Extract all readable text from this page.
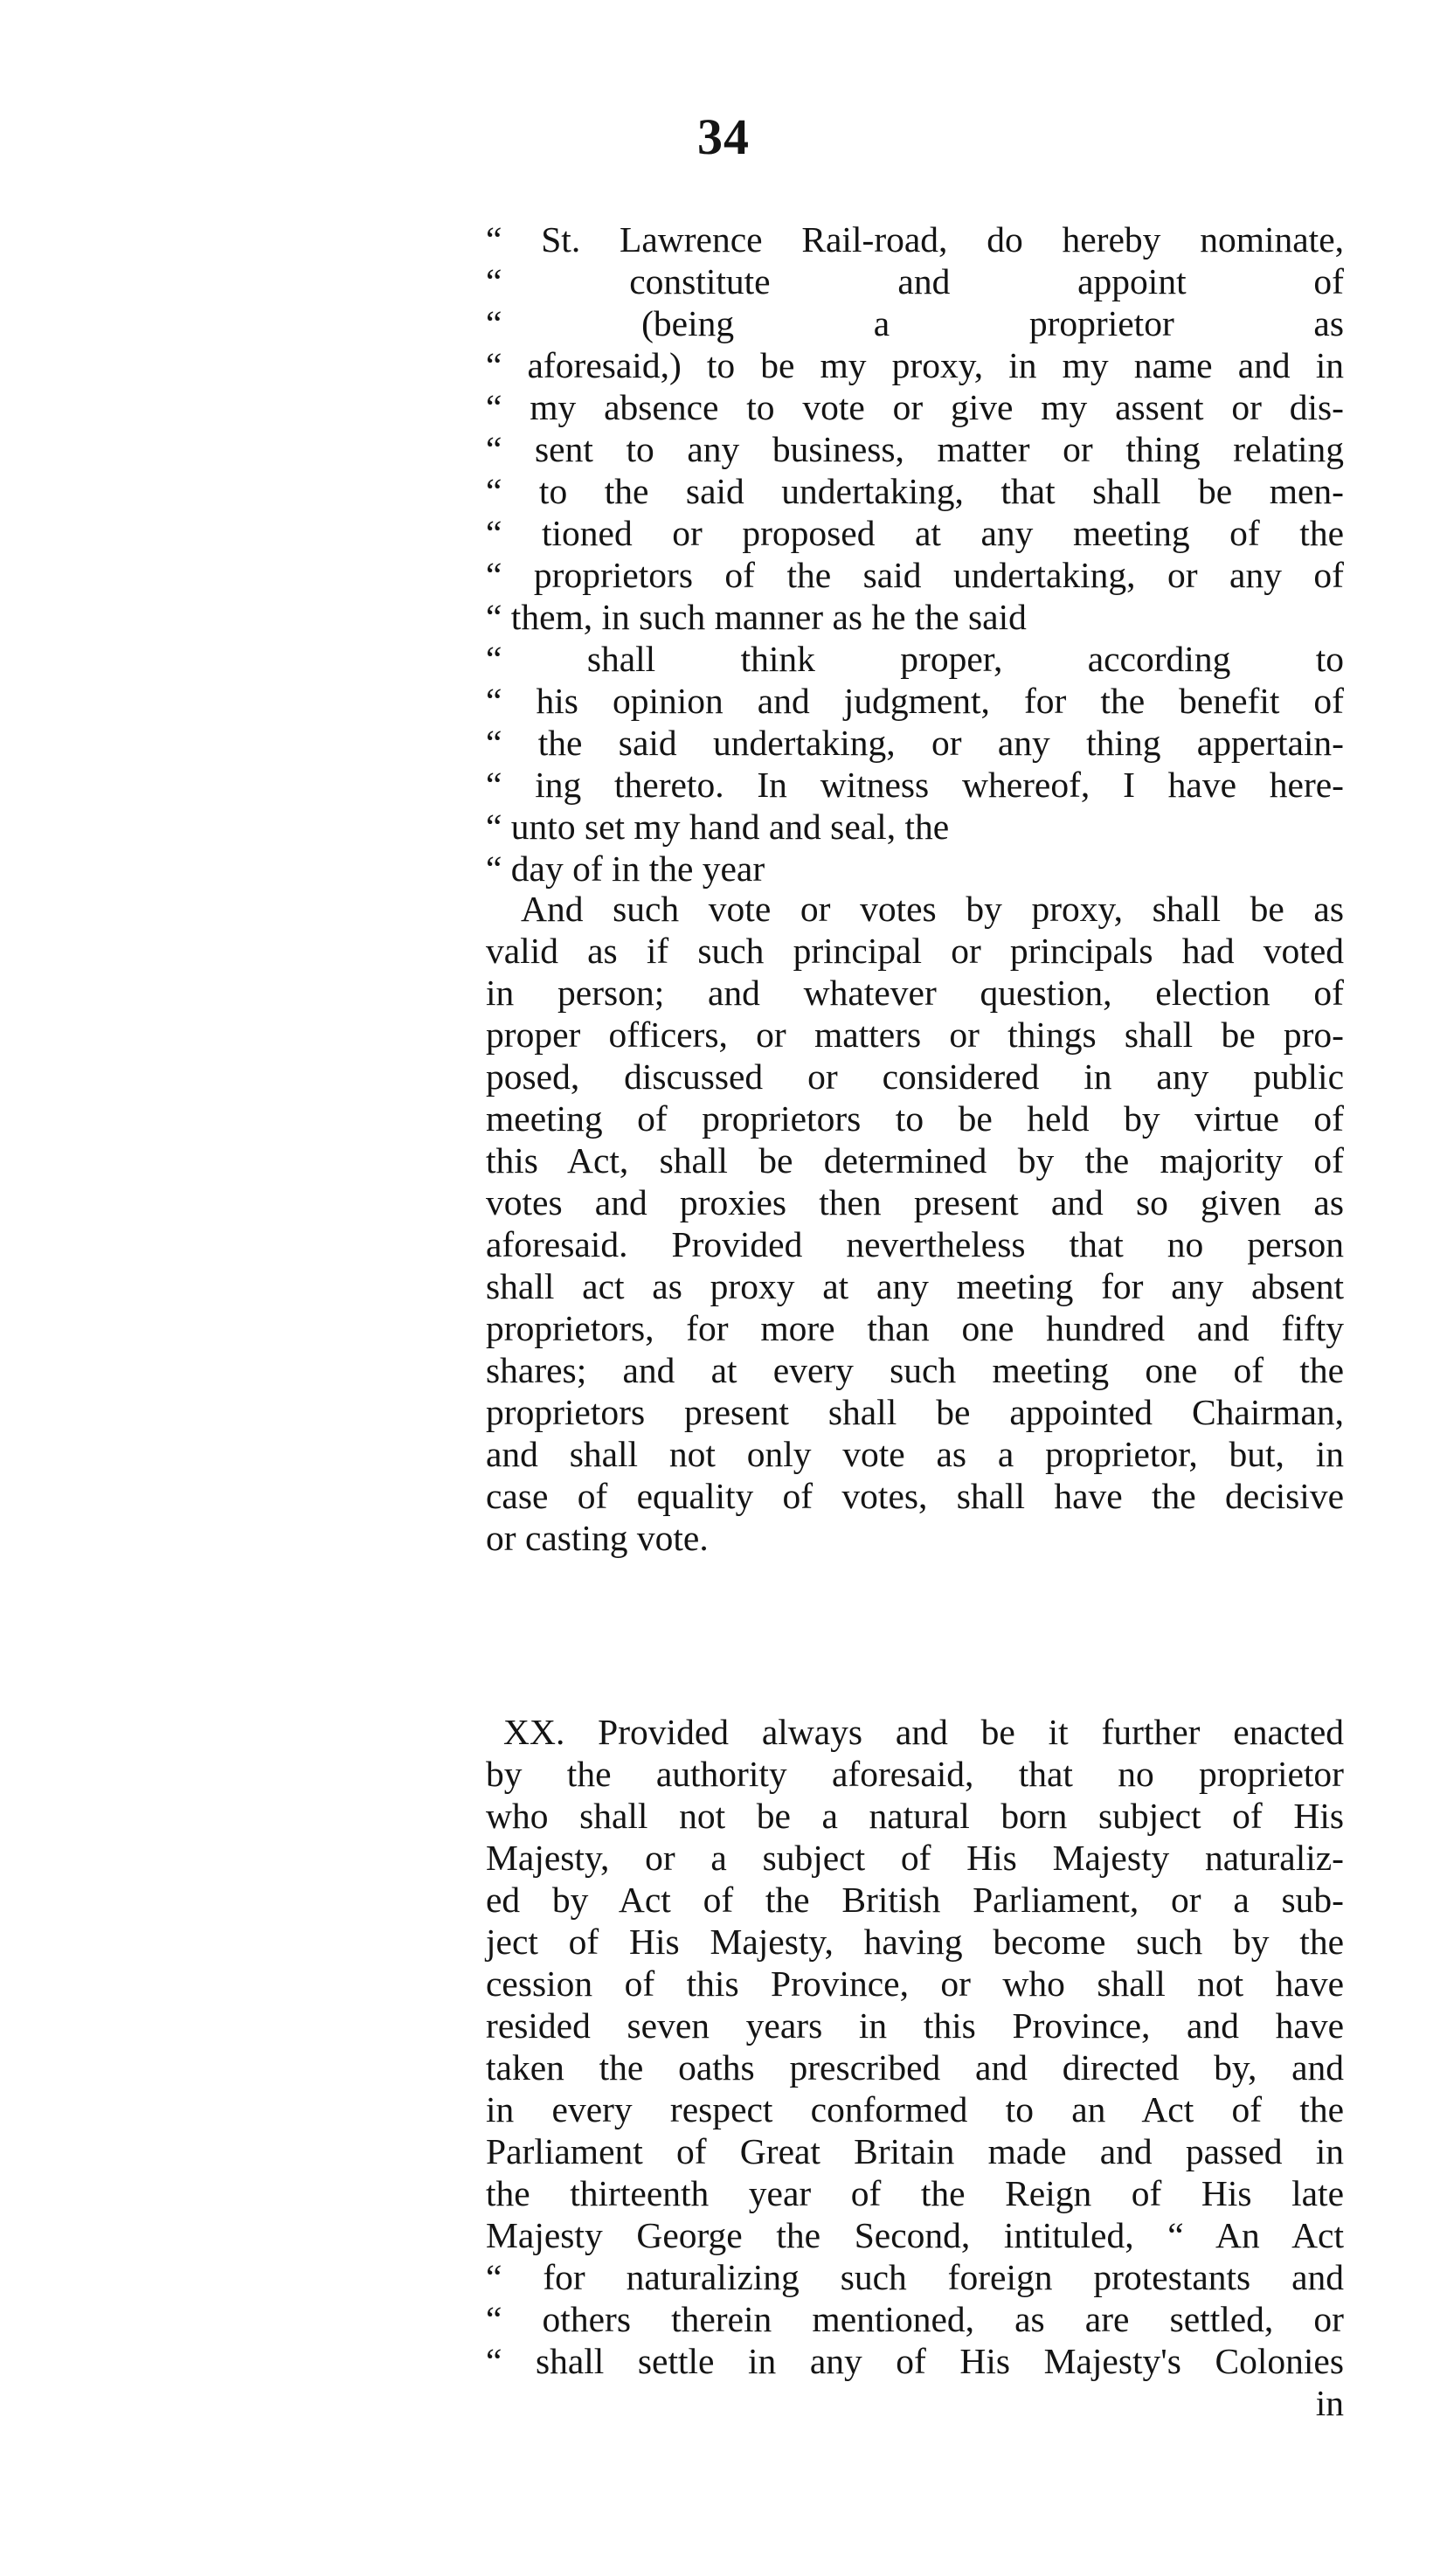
34
“ St. Lawrence Rail-road, do hereby nominate,
“ constitute and appoint of
“ (being a proprietor as
“ aforesaid,) to be my proxy, in my name and in
“ my absence to vote or give my assent or dis-
“ sent to any business, matter or thing relating
“ to the said undertaking, that shall be men-
“ tioned or proposed at any meeting of the
“ proprietors of the said undertaking, or any of
“ them, in such manner as he the said
“ shall think proper, according to
“ his opinion and judgment, for the benefit of
“ the said undertaking, or any thing appertain-
“ ing thereto. In witness whereof, I have here-
“ unto set my hand and seal, the
“ day of in the year
And such vote or votes by proxy, shall be as
valid as if such principal or principals had voted
in person; and whatever question, election of
proper officers, or matters or things shall be pro-
posed, discussed or considered in any public
meeting of proprietors to be held by virtue of
this Act, shall be determined by the majority of
votes and proxies then present and so given as
aforesaid. Provided nevertheless that no person
shall act as proxy at any meeting for any absent
proprietors, for more than one hundred and fifty
shares; and at every such meeting one of the
proprietors present shall be appointed Chairman,
and shall not only vote as a proprietor, but, in
case of equality of votes, shall have the decisive
or casting vote.
XX. Provided always and be it further enacted
by the authority aforesaid, that no proprietor
who shall not be a natural born subject of His
Majesty, or a subject of His Majesty naturaliz-
ed by Act of the British Parliament, or a sub-
ject of His Majesty, having become such by the
cession of this Province, or who shall not have
resided seven years in this Province, and have
taken the oaths prescribed and directed by, and
in every respect conformed to an Act of the
Parliament of Great Britain made and passed in
the thirteenth year of the Reign of His late
Majesty George the Second, intituled, “ An Act
“ for naturalizing such foreign protestants and
“ others therein mentioned, as are settled, or
“ shall settle in any of His Majesty's Colonies
in
